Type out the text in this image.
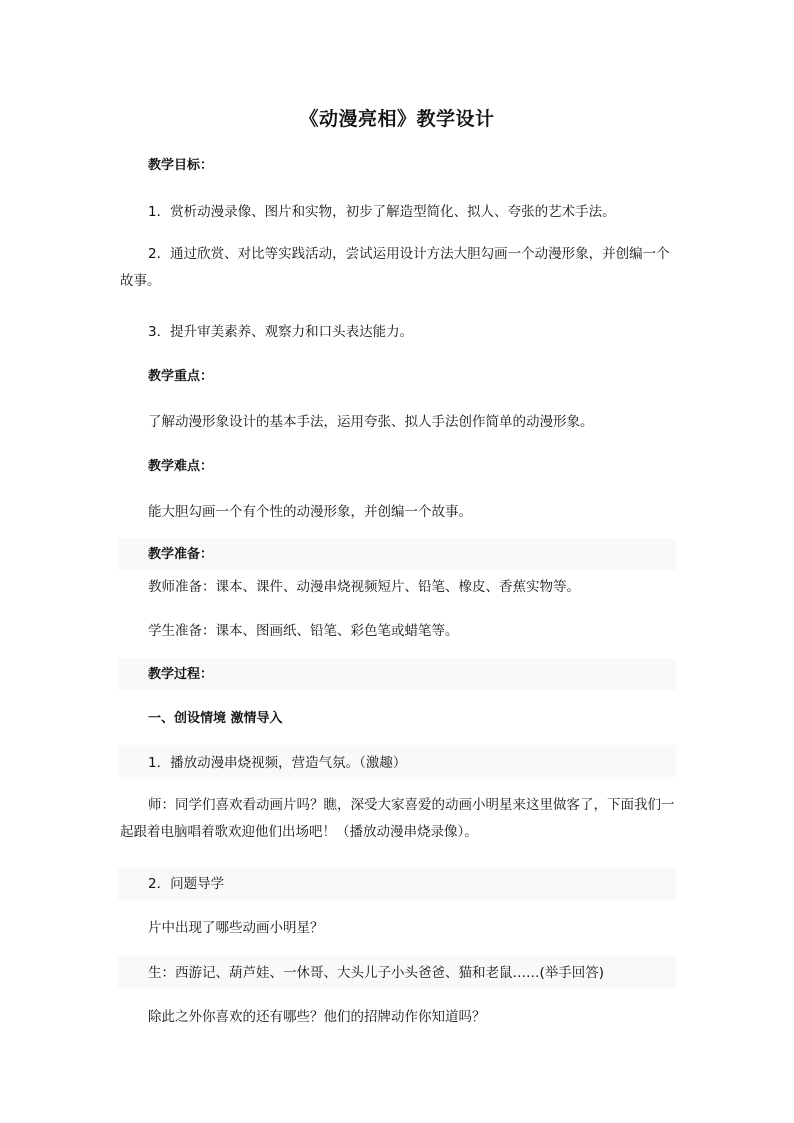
《动漫亮相》教学设计
教学目标：
1．赏析动漫录像、图片和实物，初步了解造型简化、拟人、夸张的艺术手法。
2．通过欣赏、对比等实践活动，尝试运用设计方法大胆勾画一个动漫形象，并创编一个故事。
3．提升审美素养、观察力和口头表达能力。
教学重点：
了解动漫形象设计的基本手法，运用夸张、拟人手法创作简单的动漫形象。
教学难点：
能大胆勾画一个有个性的动漫形象，并创编一个故事。
教学准备：
教师准备：课本、课件、动漫串烧视频短片、铅笔、橡皮、香蕉实物等。
学生准备：课本、图画纸、铅笔、彩色笔或蜡笔等。
教学过程：
一、创设情境 激情导入
1．播放动漫串烧视频，营造气氛。（激趣）
师：同学们喜欢看动画片吗？瞧，深受大家喜爱的动画小明星来这里做客了，下面我们一起跟着电脑唱着歌欢迎他们出场吧！（播放动漫串烧录像）。
2．问题导学
片中出现了哪些动画小明星？
生：西游记、葫芦娃、一休哥、大头儿子小头爸爸、猫和老鼠……(举手回答)
除此之外你喜欢的还有哪些？他们的招牌动作你知道吗？
